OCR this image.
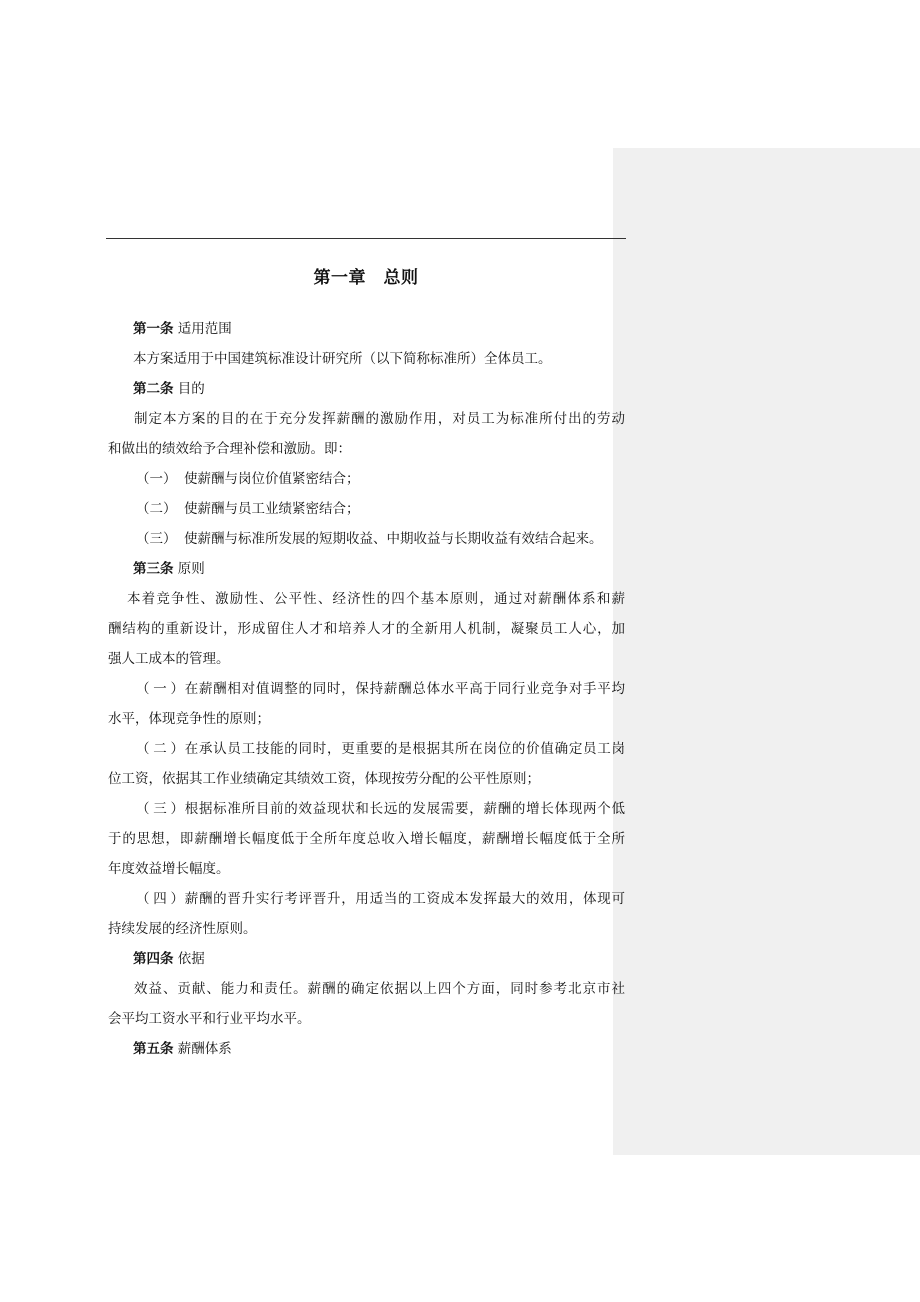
第一章　总则
第一条 适用范围
本方案适用于中国建筑标准设计研究所（以下简称标准所）全体员工。
第二条 目的
制定本方案的目的在于充分发挥薪酬的激励作用，对员工为标准所付出的劳动
和做出的绩效给予合理补偿和激励。即：
（一） 使薪酬与岗位价值紧密结合；
（二） 使薪酬与员工业绩紧密结合；
（三） 使薪酬与标准所发展的短期收益、中期收益与长期收益有效结合起来。
第三条 原则
本着竞争性、激励性、公平性、经济性的四个基本原则，通过对薪酬体系和薪
酬结构的重新设计，形成留住人才和培养人才的全新用人机制，凝聚员工人心，加
强人工成本的管理。
（一）在薪酬相对值调整的同时，保持薪酬总体水平高于同行业竞争对手平均
水平，体现竞争性的原则；
（二）在承认员工技能的同时，更重要的是根据其所在岗位的价值确定员工岗
位工资，依据其工作业绩确定其绩效工资，体现按劳分配的公平性原则；
（三）根据标准所目前的效益现状和长远的发展需要，薪酬的增长体现两个低
于的思想，即薪酬增长幅度低于全所年度总收入增长幅度，薪酬增长幅度低于全所
年度效益增长幅度。
（四）薪酬的晋升实行考评晋升，用适当的工资成本发挥最大的效用，体现可
持续发展的经济性原则。
第四条 依据
效益、贡献、能力和责任。薪酬的确定依据以上四个方面，同时参考北京市社
会平均工资水平和行业平均水平。
第五条 薪酬体系
